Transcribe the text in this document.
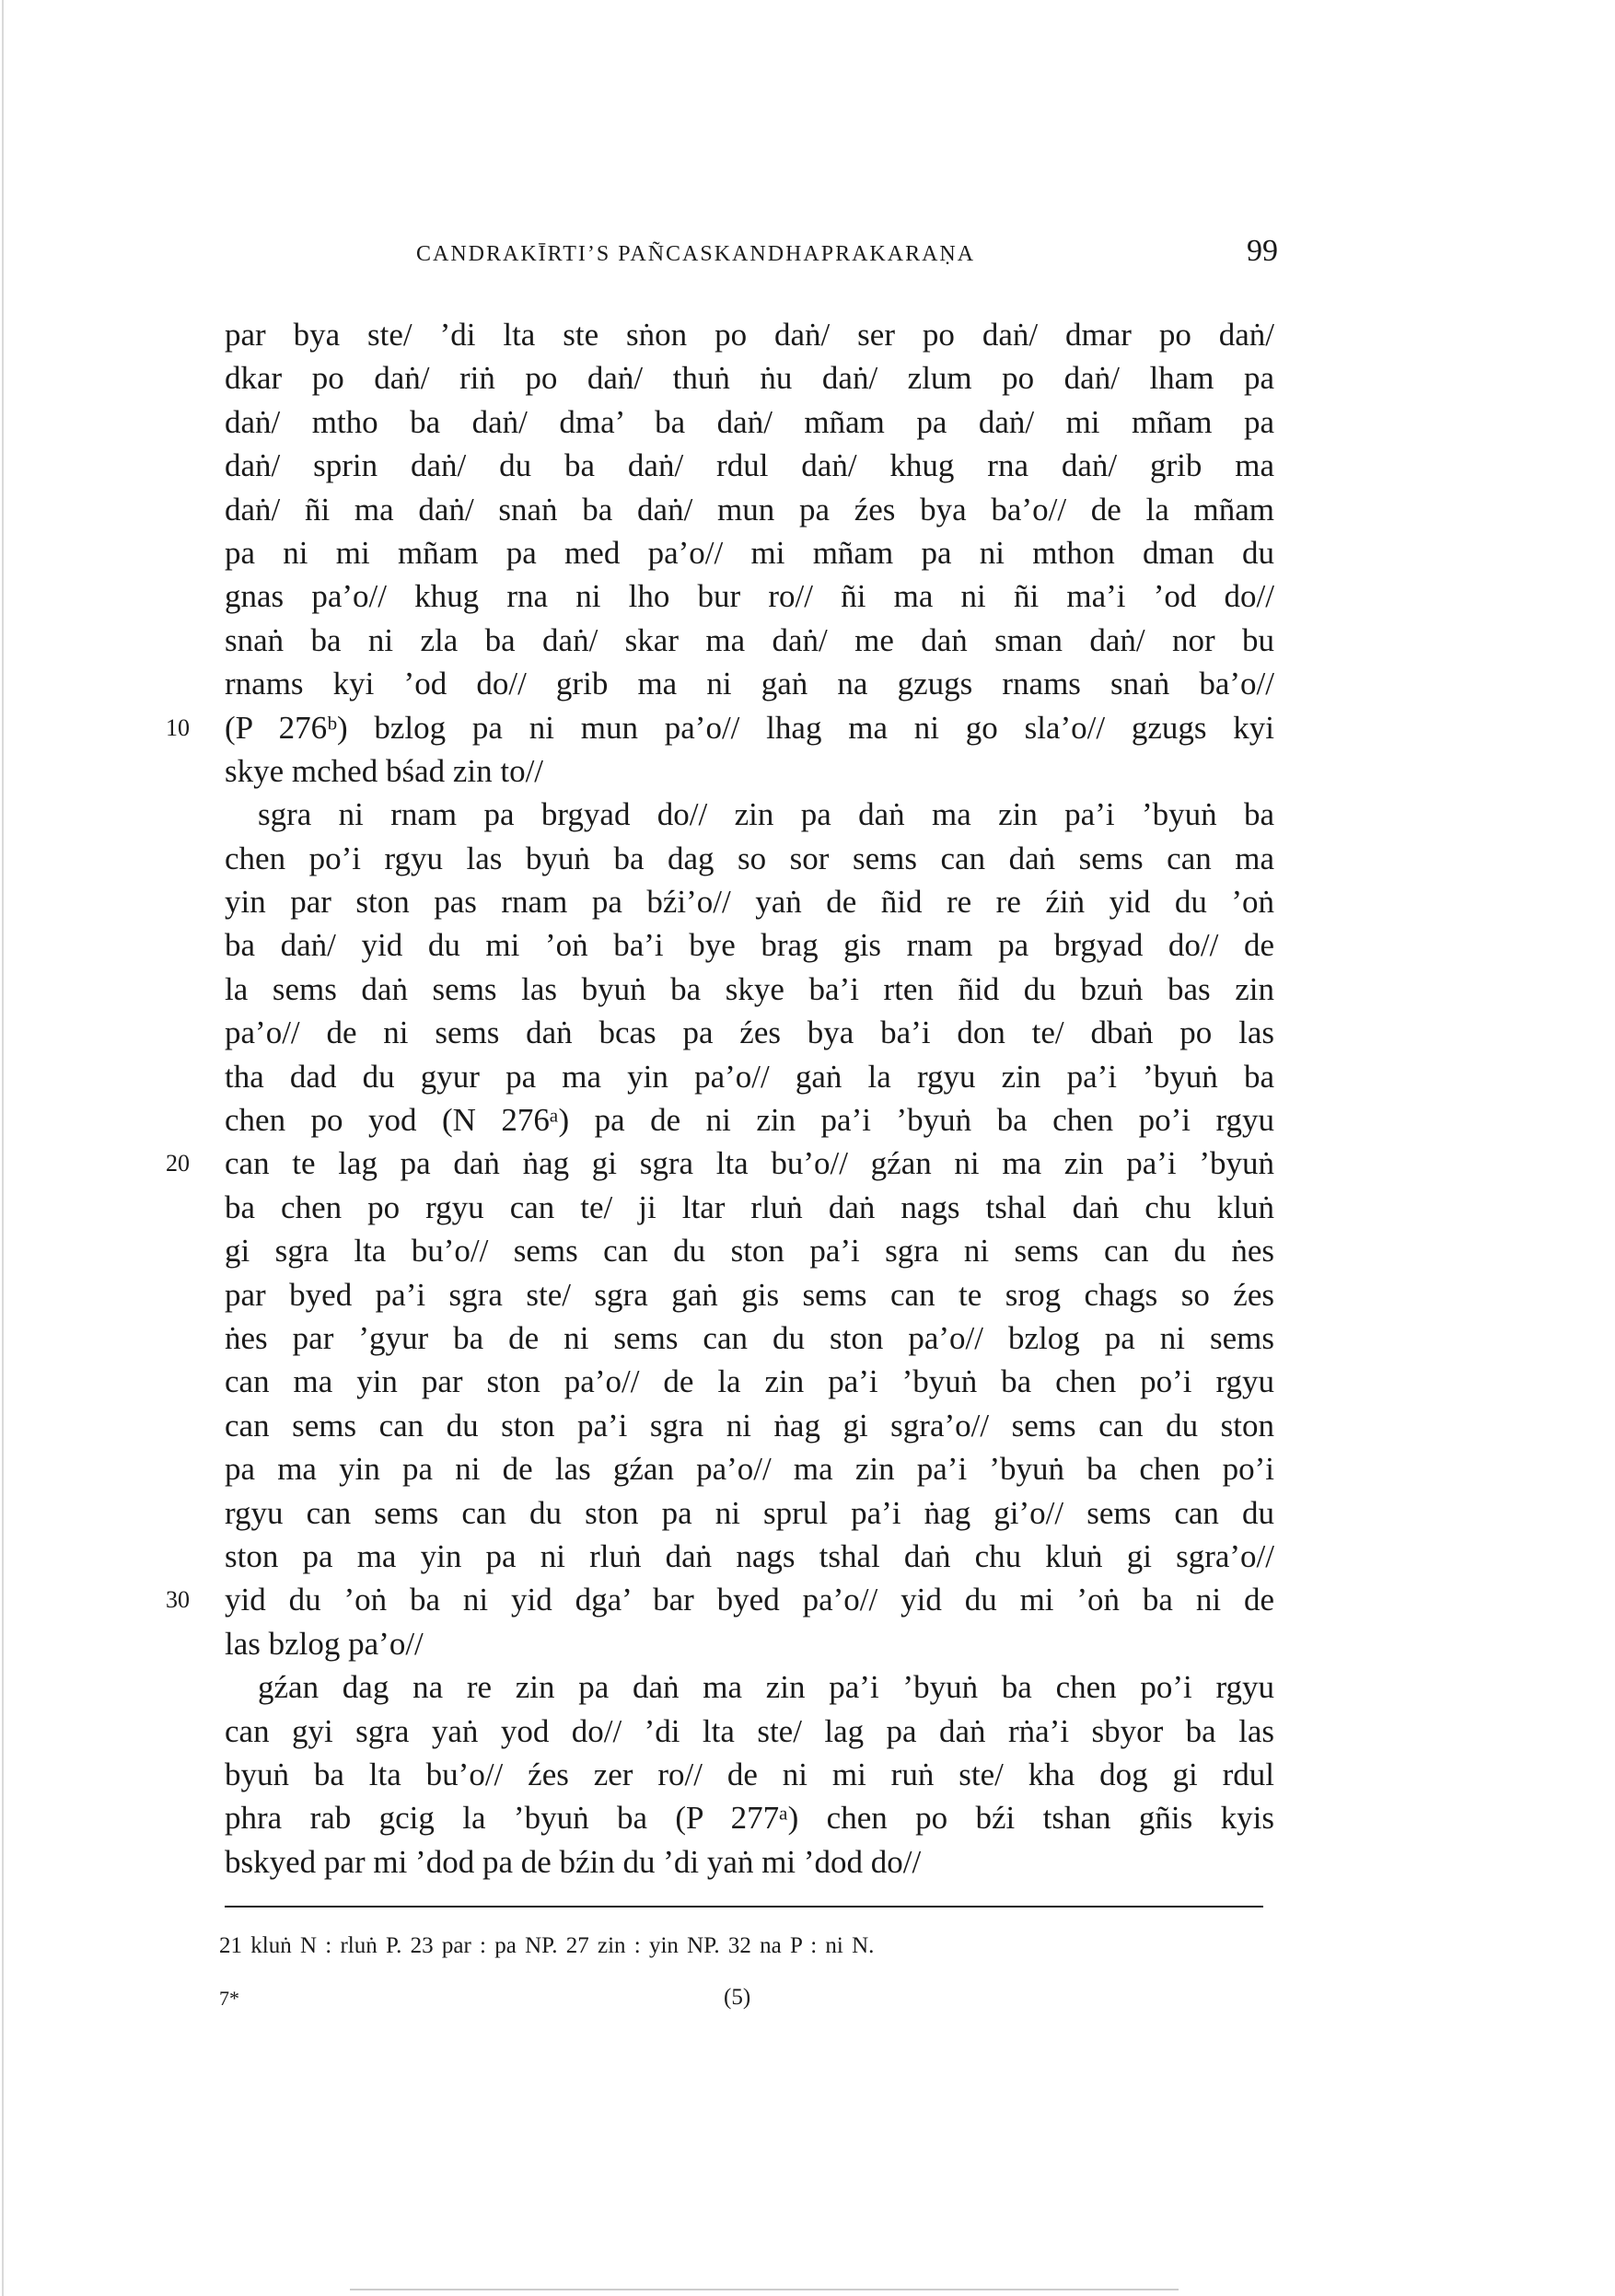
CANDRAKĪRTI’S PAÑCASKANDHAPRAKARAṆA	99
par bya ste/ ’di lta ste sṅon po daṅ/ ser po daṅ/ dmar po daṅ/
dkar po daṅ/ riṅ po daṅ/ thuṅ ṅu daṅ/ zlum po daṅ/ lham pa
daṅ/ mtho ba daṅ/ dma’ ba daṅ/ mñam pa daṅ/ mi mñam pa
daṅ/ sprin daṅ/ du ba daṅ/ rdul daṅ/ khug rna daṅ/ grib ma
daṅ/ ñi ma daṅ/ snaṅ ba daṅ/ mun pa źes bya ba’o// de la mñam
pa ni mi mñam pa med pa’o// mi mñam pa ni mthon dman du
gnas pa’o// khug rna ni lho bur ro// ñi ma ni ñi ma’i ’od do//
snaṅ ba ni zla ba daṅ/ skar ma daṅ/ me daṅ sman daṅ/ nor bu
rnams kyi ’od do// grib ma ni gaṅ na gzugs rnams snaṅ ba’o//
10	(P 276ᵇ) bzlog pa ni mun pa’o// lhag ma ni go sla’o// gzugs kyi
skye mched bśad zin to//
sgra ni rnam pa brgyad do// zin pa daṅ ma zin pa’i ’byuṅ ba
chen po’i rgyu las byuṅ ba dag so sor sems can daṅ sems can ma
yin par ston pas rnam pa bźi’o// yaṅ de ñid re re źiṅ yid du ’oṅ
ba daṅ/ yid du mi ’oṅ ba’i bye brag gis rnam pa brgyad do// de
la sems daṅ sems las byuṅ ba skye ba’i rten ñid du bzuṅ bas zin
pa’o// de ni sems daṅ bcas pa źes bya ba’i don te/ dbaṅ po las
tha dad du gyur pa ma yin pa’o// gaṅ la rgyu zin pa’i ’byuṅ ba
chen po yod (N 276ᵃ) pa de ni zin pa’i ’byuṅ ba chen po’i rgyu
20	can te lag pa daṅ ṅag gi sgra lta bu’o// gźan ni ma zin pa’i ’byuṅ
ba chen po rgyu can te/ ji ltar rluṅ daṅ nags tshal daṅ chu kluṅ
gi sgra lta bu’o// sems can du ston pa’i sgra ni sems can du ṅes
par byed pa’i sgra ste/ sgra gaṅ gis sems can te srog chags so źes
ṅes par ’gyur ba de ni sems can du ston pa’o// bzlog pa ni sems
can ma yin par ston pa’o// de la zin pa’i ’byuṅ ba chen po’i rgyu
can sems can du ston pa’i sgra ni ṅag gi sgra’o// sems can du ston
pa ma yin pa ni de las gźan pa’o// ma zin pa’i ’byuṅ ba chen po’i
rgyu can sems can du ston pa ni sprul pa’i ṅag gi’o// sems can du
ston pa ma yin pa ni rluṅ daṅ nags tshal daṅ chu kluṅ gi sgra’o//
30	yid du ’oṅ ba ni yid dga’ bar byed pa’o// yid du mi ’oṅ ba ni de
las bzlog pa’o//
gźan dag na re zin pa daṅ ma zin pa’i ’byuṅ ba chen po’i rgyu
can gyi sgra yaṅ yod do// ’di lta ste/ lag pa daṅ rṅa’i sbyor ba las
byuṅ ba lta bu’o// źes zer ro// de ni mi ruṅ ste/ kha dog gi rdul
phra rab gcig la ’byuṅ ba (P 277ᵃ) chen po bźi tshan gñis kyis
bskyed par mi ’dod pa de bźin du ’di yaṅ mi ’dod do//
21 kluṅ N : rluṅ P. 23 par : pa NP. 27 zin : yin NP. 32 na P : ni N.
7*	(5)
